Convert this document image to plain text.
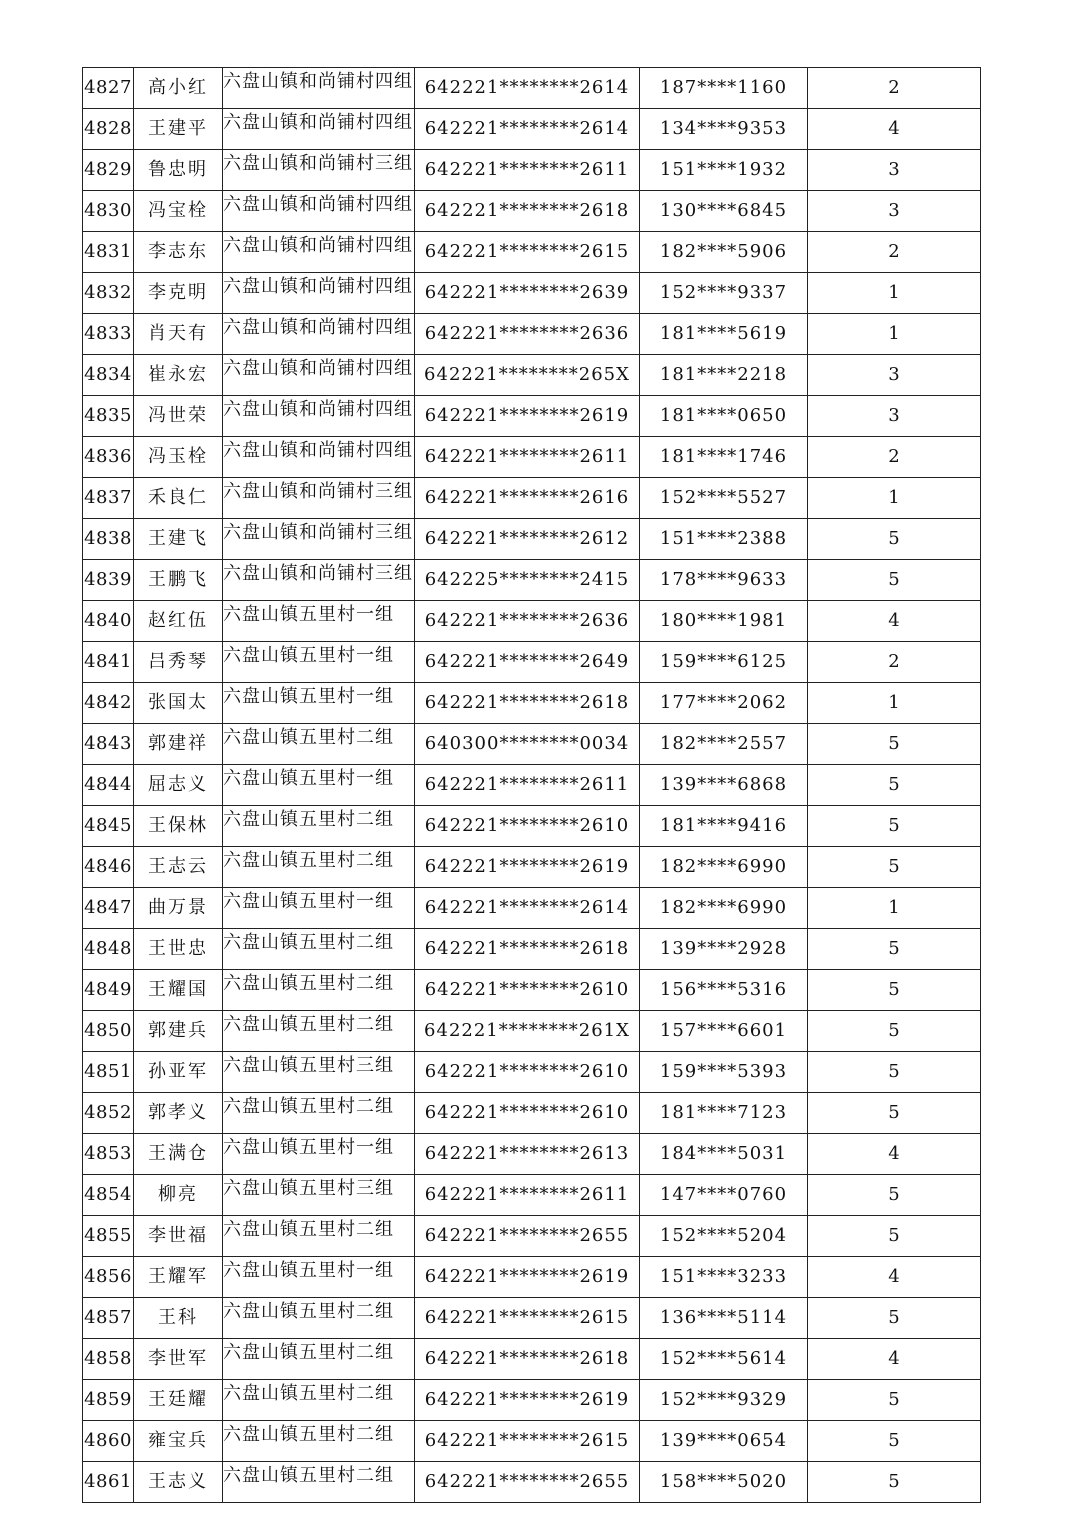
4827	高小红	六盘山镇和尚铺村四组	642221********2614	187****1160	2
4828	王建平	六盘山镇和尚铺村四组	642221********2614	134****9353	4
4829	鲁忠明	六盘山镇和尚铺村三组	642221********2611	151****1932	3
4830	冯宝栓	六盘山镇和尚铺村四组	642221********2618	130****6845	3
4831	李志东	六盘山镇和尚铺村四组	642221********2615	182****5906	2
4832	李克明	六盘山镇和尚铺村四组	642221********2639	152****9337	1
4833	肖天有	六盘山镇和尚铺村四组	642221********2636	181****5619	1
4834	崔永宏	六盘山镇和尚铺村四组	642221********265X	181****2218	3
4835	冯世荣	六盘山镇和尚铺村四组	642221********2619	181****0650	3
4836	冯玉栓	六盘山镇和尚铺村四组	642221********2611	181****1746	2
4837	禾良仁	六盘山镇和尚铺村三组	642221********2616	152****5527	1
4838	王建飞	六盘山镇和尚铺村三组	642221********2612	151****2388	5
4839	王鹏飞	六盘山镇和尚铺村三组	642225********2415	178****9633	5
4840	赵红伍	六盘山镇五里村一组	642221********2636	180****1981	4
4841	吕秀琴	六盘山镇五里村一组	642221********2649	159****6125	2
4842	张国太	六盘山镇五里村一组	642221********2618	177****2062	1
4843	郭建祥	六盘山镇五里村二组	640300********0034	182****2557	5
4844	屈志义	六盘山镇五里村一组	642221********2611	139****6868	5
4845	王保林	六盘山镇五里村二组	642221********2610	181****9416	5
4846	王志云	六盘山镇五里村二组	642221********2619	182****6990	5
4847	曲万景	六盘山镇五里村一组	642221********2614	182****6990	1
4848	王世忠	六盘山镇五里村二组	642221********2618	139****2928	5
4849	王耀国	六盘山镇五里村二组	642221********2610	156****5316	5
4850	郭建兵	六盘山镇五里村二组	642221********261X	157****6601	5
4851	孙亚军	六盘山镇五里村三组	642221********2610	159****5393	5
4852	郭孝义	六盘山镇五里村二组	642221********2610	181****7123	5
4853	王满仓	六盘山镇五里村一组	642221********2613	184****5031	4
4854	柳亮	六盘山镇五里村三组	642221********2611	147****0760	5
4855	李世福	六盘山镇五里村二组	642221********2655	152****5204	5
4856	王耀军	六盘山镇五里村一组	642221********2619	151****3233	4
4857	王科	六盘山镇五里村二组	642221********2615	136****5114	5
4858	李世军	六盘山镇五里村二组	642221********2618	152****5614	4
4859	王廷耀	六盘山镇五里村二组	642221********2619	152****9329	5
4860	雍宝兵	六盘山镇五里村二组	642221********2615	139****0654	5
4861	王志义	六盘山镇五里村二组	642221********2655	158****5020	5
